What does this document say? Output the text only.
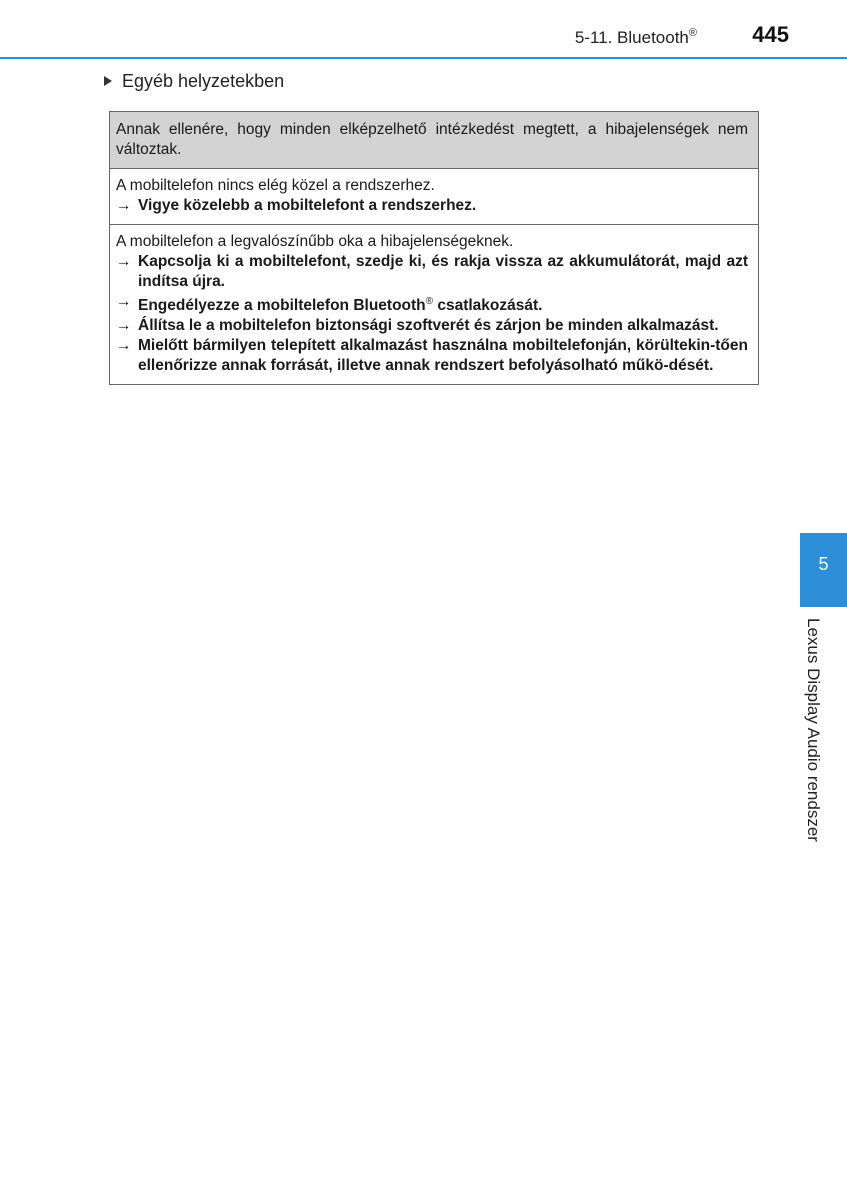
5-11. Bluetooth®	445
Egyéb helyzetekben

Annak ellenére, hogy minden elképzelhető intézkedést megtett, a hibajelenségek nem változtak.

A mobiltelefon nincs elég közel a rendszerhez.

→ Vigye közelebb a mobiltelefont a rendszerhez.

A mobiltelefon a legvalószínűbb oka a hibajelenségeknek.

→ Kapcsolja ki a mobiltelefont, szedje ki, és rakja vissza az akkumulátorát, majd azt indítsa újra.
→ Engedélyezze a mobiltelefon Bluetooth® csatlakozását.
→ Állítsa le a mobiltelefon biztonsági szoftverét és zárjon be minden alkalmazást.
→ Mielőtt bármilyen telepített alkalmazást használna mobiltelefonján, körültekin-tően ellenőrizze annak forrását, illetve annak rendszert befolyásolható műkö-dését.
5
Lexus Display Audio rendszer
